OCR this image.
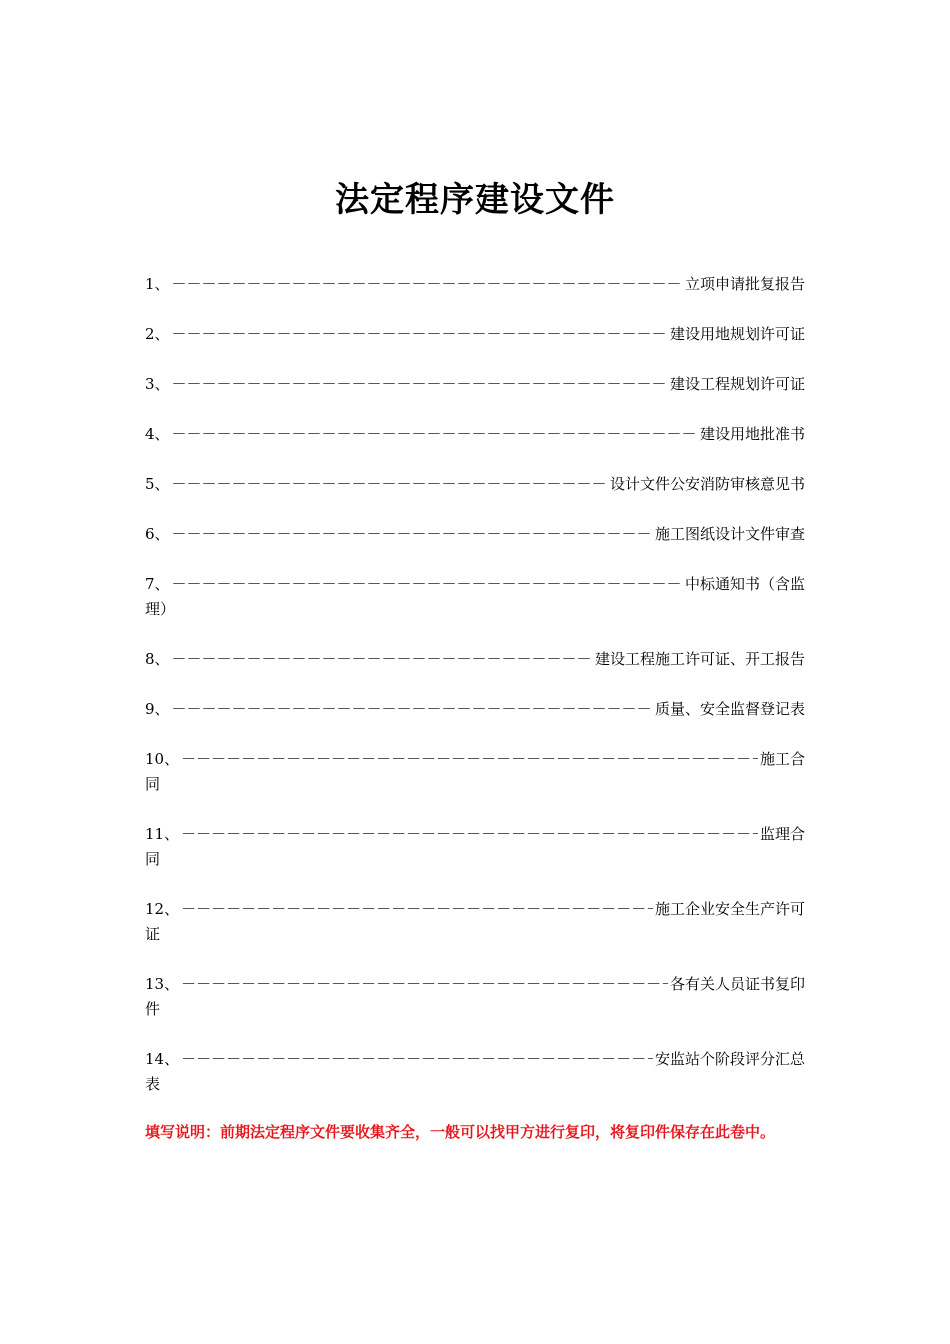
法定程序建设文件
1、 －－－－－－－－－－－－－－－－－－－－－－－－－－－－－－－－－－－－－－－－－－－－－－－－－－－－－－－－	立项申请批复报告
2、 －－－－－－－－－－－－－－－－－－－－－－－－－－－－－－－－－－－－－－－－－－－－－－－－－－－－－－－－	建设用地规划许可证
3、 －－－－－－－－－－－－－－－－－－－－－－－－－－－－－－－－－－－－－－－－－－－－－－－－－－－－－－－－	建设工程规划许可证
4、 －－－－－－－－－－－－－－－－－－－－－－－－－－－－－－－－－－－－－－－－－－－－－－－－－－－－－－－－	建设用地批准书
5、 －－－－－－－－－－－－－－－－－－－－－－－－－－－－－－－－－－－－－－－－－－－－－－－－－－－－－－－－	设计文件公安消防审核意见书
6、 －－－－－－－－－－－－－－－－－－－－－－－－－－－－－－－－－－－－－－－－－－－－－－－－－－－－－－－－	施工图纸设计文件审查
7、 －－－－－－－－－－－－－－－－－－－－－－－－－－－－－－－－－－－－－－－－－－－－－－－－－－－－－－－－	中标通知书（含监
理）
8、 －－－－－－－－－－－－－－－－－－－－－－－－－－－－－－－－－－－－－－－－－－－－－－－－－－－－－－－－	建设工程施工许可证、开工报告
9、 －－－－－－－－－－－－－－－－－－－－－－－－－－－－－－－－－－－－－－－－－－－－－－－－－－－－－－－－	质量、安全监督登记表
10、 －－－－－－－－－－－－－－－－－－－－－－－－－－－－－－－－－－－－－－－－－－－－－－－－－－－－－－－－	施工合
同
11、 －－－－－－－－－－－－－－－－－－－－－－－－－－－－－－－－－－－－－－－－－－－－－－－－－－－－－－－－	监理合
同
12、 －－－－－－－－－－－－－－－－－－－－－－－－－－－－－－－－－－－－－－－－－－－－－－－－－－－－－－－－	施工企业安全生产许可
证
13、 －－－－－－－－－－－－－－－－－－－－－－－－－－－－－－－－－－－－－－－－－－－－－－－－－－－－－－－－	各有关人员证书复印
件
14、 －－－－－－－－－－－－－－－－－－－－－－－－－－－－－－－－－－－－－－－－－－－－－－－－－－－－－－－－	安监站个阶段评分汇总
表
填写说明：前期法定程序文件要收集齐全，一般可以找甲方进行复印，将复印件保存在此卷中。
